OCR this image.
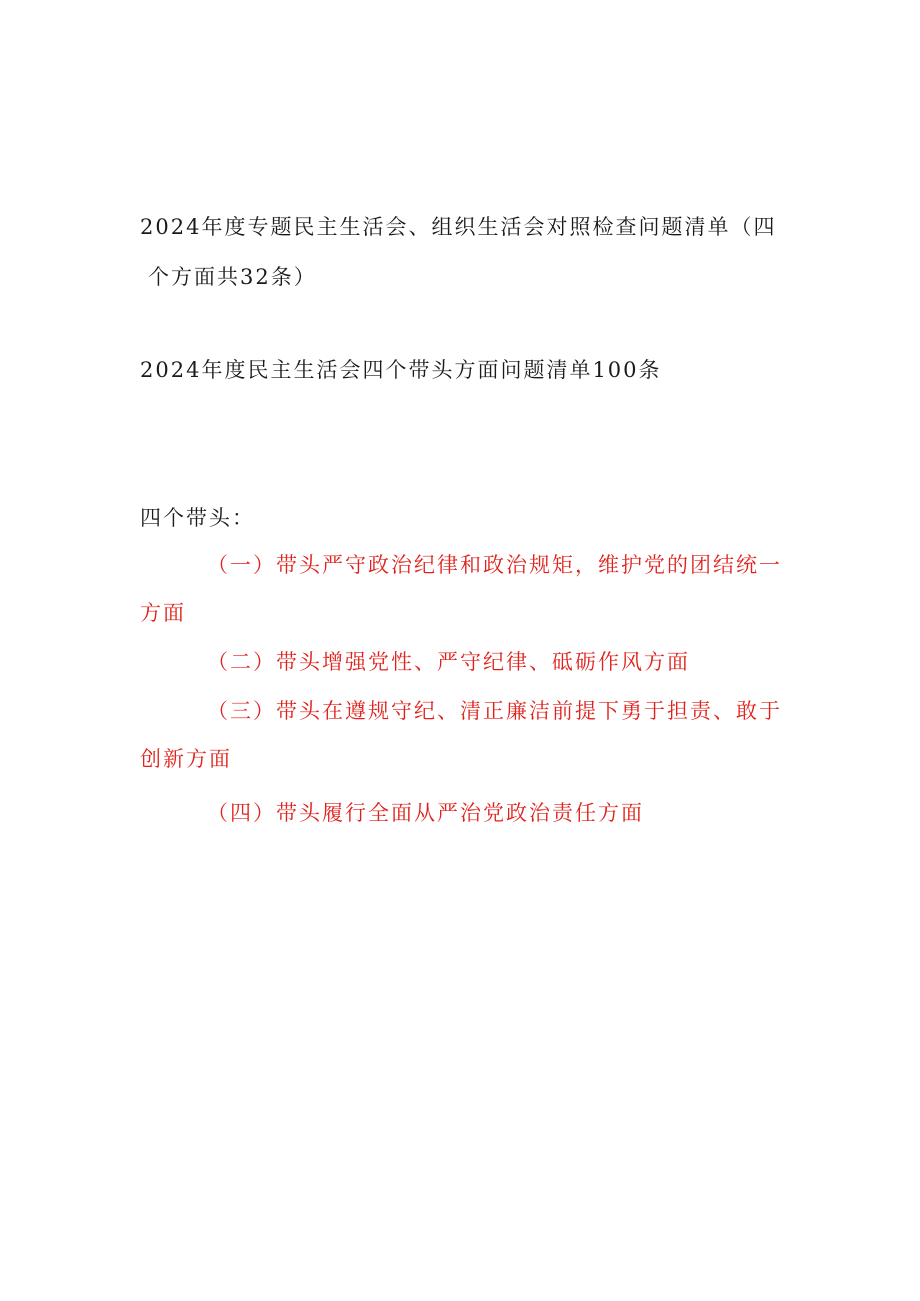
2024年度专题民主生活会、组织生活会对照检查问题清单（四
个方面共32条）
2024年度民主生活会四个带头方面问题清单100条
四个带头：
（一）带头严守政治纪律和政治规矩，维护党的团结统一
方面
（二）带头增强党性、严守纪律、砥砺作风方面
（三）带头在遵规守纪、清正廉洁前提下勇于担责、敢于
创新方面
（四）带头履行全面从严治党政治责任方面
